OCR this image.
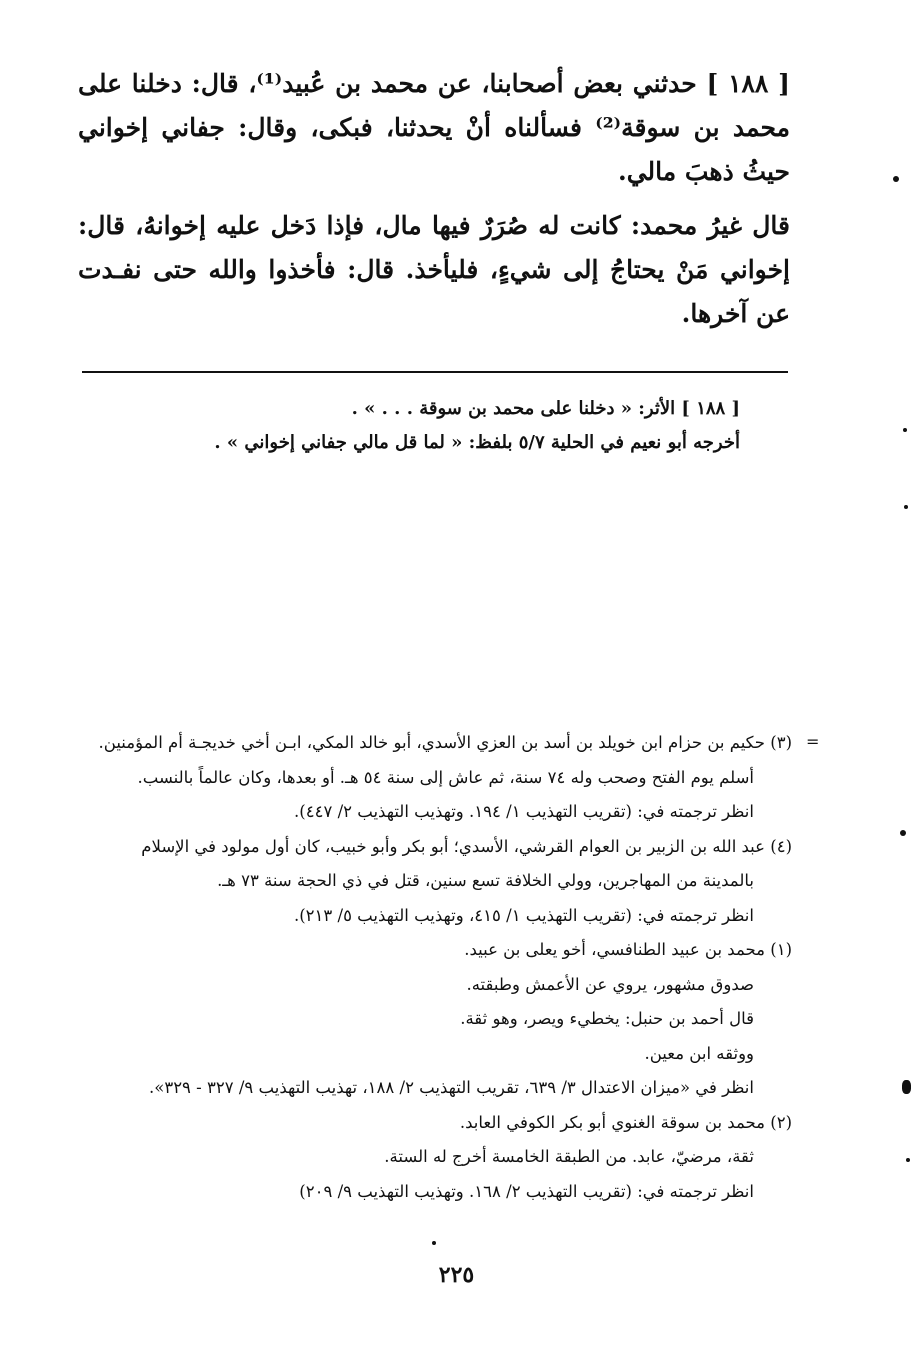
[ ١٨٨ ] حدثني بعض أصحابنا، عن محمد بن عُبيد⁽¹⁾، قال: دخلنا على محمد بن سوقة⁽²⁾ فسألناه أنْ يحدثنا، فبكى، وقال: جفاني إخواني حيثُ ذهبَ مالي.

قال غيرُ محمد: كانت له صُرَرٌ فيها مال، فإذا دَخل عليه إخوانهُ، قال: إخواني مَنْ يحتاجُ إلى شيءٍ، فليأخذ. قال: فأخذوا والله حتى نفـدت عن آخرها.

[ ١٨٨ ] الأثر: « دخلنا على محمد بن سوقة . . . » .

أخرجه أبو نعيم في الحلية ٥/٧ بلفظ: « لما قل مالي جفاني إخواني » .

=

(٣) حكيم بن حزام ابن خويلد بن أسد بن العزي الأسدي، أبو خالد المكي، ابـن أخي خديجـة أم المؤمنين.

أسلم يوم الفتح وصحب وله ٧٤ سنة، ثم عاش إلى سنة ٥٤ هـ. أو بعدها، وكان عالماً بالنسب.

انظر ترجمته في: (تقريب التهذيب ١/ ١٩٤. وتهذيب التهذيب ٢/ ٤٤٧).

(٤) عبد الله بن الزبير بن العوام القرشي، الأسدي؛ أبو بكر وأبو خبيب، كان أول مولود في الإسلام بالمدينة من المهاجرين، وولي الخلافة تسع سنين، قتل في ذي الحجة سنة ٧٣ هـ.

انظر ترجمته في: (تقريب التهذيب ١/ ٤١٥، وتهذيب التهذيب ٥/ ٢١٣).

(١) محمد بن عبيد الطنافسي، أخو يعلى بن عبيد.

صدوق مشهور، يروي عن الأعمش وطبقته.

قال أحمد بن حنبل: يخطيء ويصر، وهو ثقة.

ووثقه ابن معين.

انظر في «ميزان الاعتدال ٣/ ٦٣٩، تقريب التهذيب ٢/ ١٨٨، تهذيب التهذيب ٩/ ٣٢٧ - ٣٢٩».

(٢) محمد بن سوقة الغنوي أبو بكر الكوفي العابد.

ثقة، مرضيّ، عابد. من الطبقة الخامسة أخرج له الستة.

انظر ترجمته في: (تقريب التهذيب ٢/ ١٦٨. وتهذيب التهذيب ٩/ ٢٠٩)

٢٢٥
